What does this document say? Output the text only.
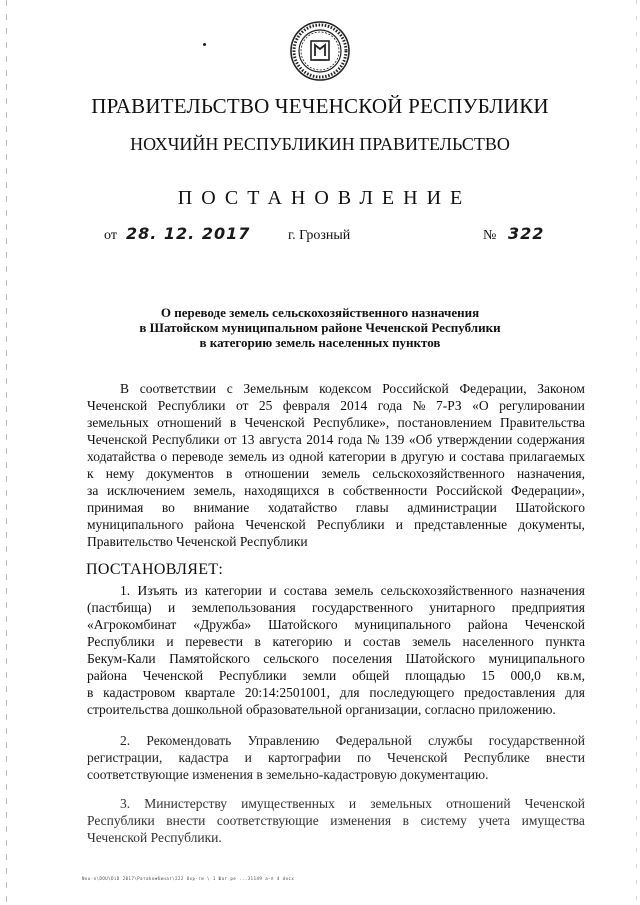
ПРАВИТЕЛЬСТВО ЧЕЧЕНСКОЙ РЕСПУБЛИКИ
НОХЧИЙН РЕСПУБЛИКИН ПРАВИТЕЛЬСТВО
ПОСТАНОВЛЕНИЕ
от 28. 12. 2017	г. Грозный	№ 322
О переводе земель сельскохозяйственного назначения
в Шатойском муниципальном районе Чеченской Республики
в категорию земель населенных пунктов
В соответствии с Земельным кодексом Российской Федерации, Законом
Чеченской Республики от 25 февраля 2014 года № 7-РЗ «О регулировании
земельных отношений в Чеченской Республике», постановлением Правительства
Чеченской Республики от 13 августа 2014 года № 139 «Об утверждении содержания
ходатайства о переводе земель из одной категории в другую и состава прилагаемых
к нему документов в отношении земель сельскохозяйственного назначения,
за исключением земель, находящихся в собственности Российской Федерации»,
принимая во внимание ходатайство главы администрации Шатойского
муниципального района Чеченской Республики и представленные документы,
Правительство Чеченской Республики
ПОСТАНОВЛЯЕТ:
1. Изъять из категории и состава земель сельскохозяйственного назначения
(пастбища) и землепользования государственного унитарного предприятия
«Агрокомбинат «Дружба» Шатойского муниципального района Чеченской
Республики и перевести в категорию и состав земель населенного пункта
Бекум-Кали Памятойского сельского поселения Шатойского муниципального
района Чеченской Республики земли общей площадью 15 000,0 кв.м,
в кадастровом квартале 20:14:2501001, для последующего предоставления для
строительства дошкольной образовательной организации, согласно приложению.
2. Рекомендовать Управлению Федеральной службы государственной
регистрации, кадастра и картографии по Чеченской Республике внести
соответствующие изменения в земельно-кадастровую документацию.
3. Министерству имущественных и земельных отношений Чеченской
Республики внести соответствующие изменения в систему учета имущества
Чеченской Республики.
Nou-n\DOU\DiD 2017\Ратаkомбинат\222 Охр-ти \ 1 Шат ре ...31149 а-п 4 docx
